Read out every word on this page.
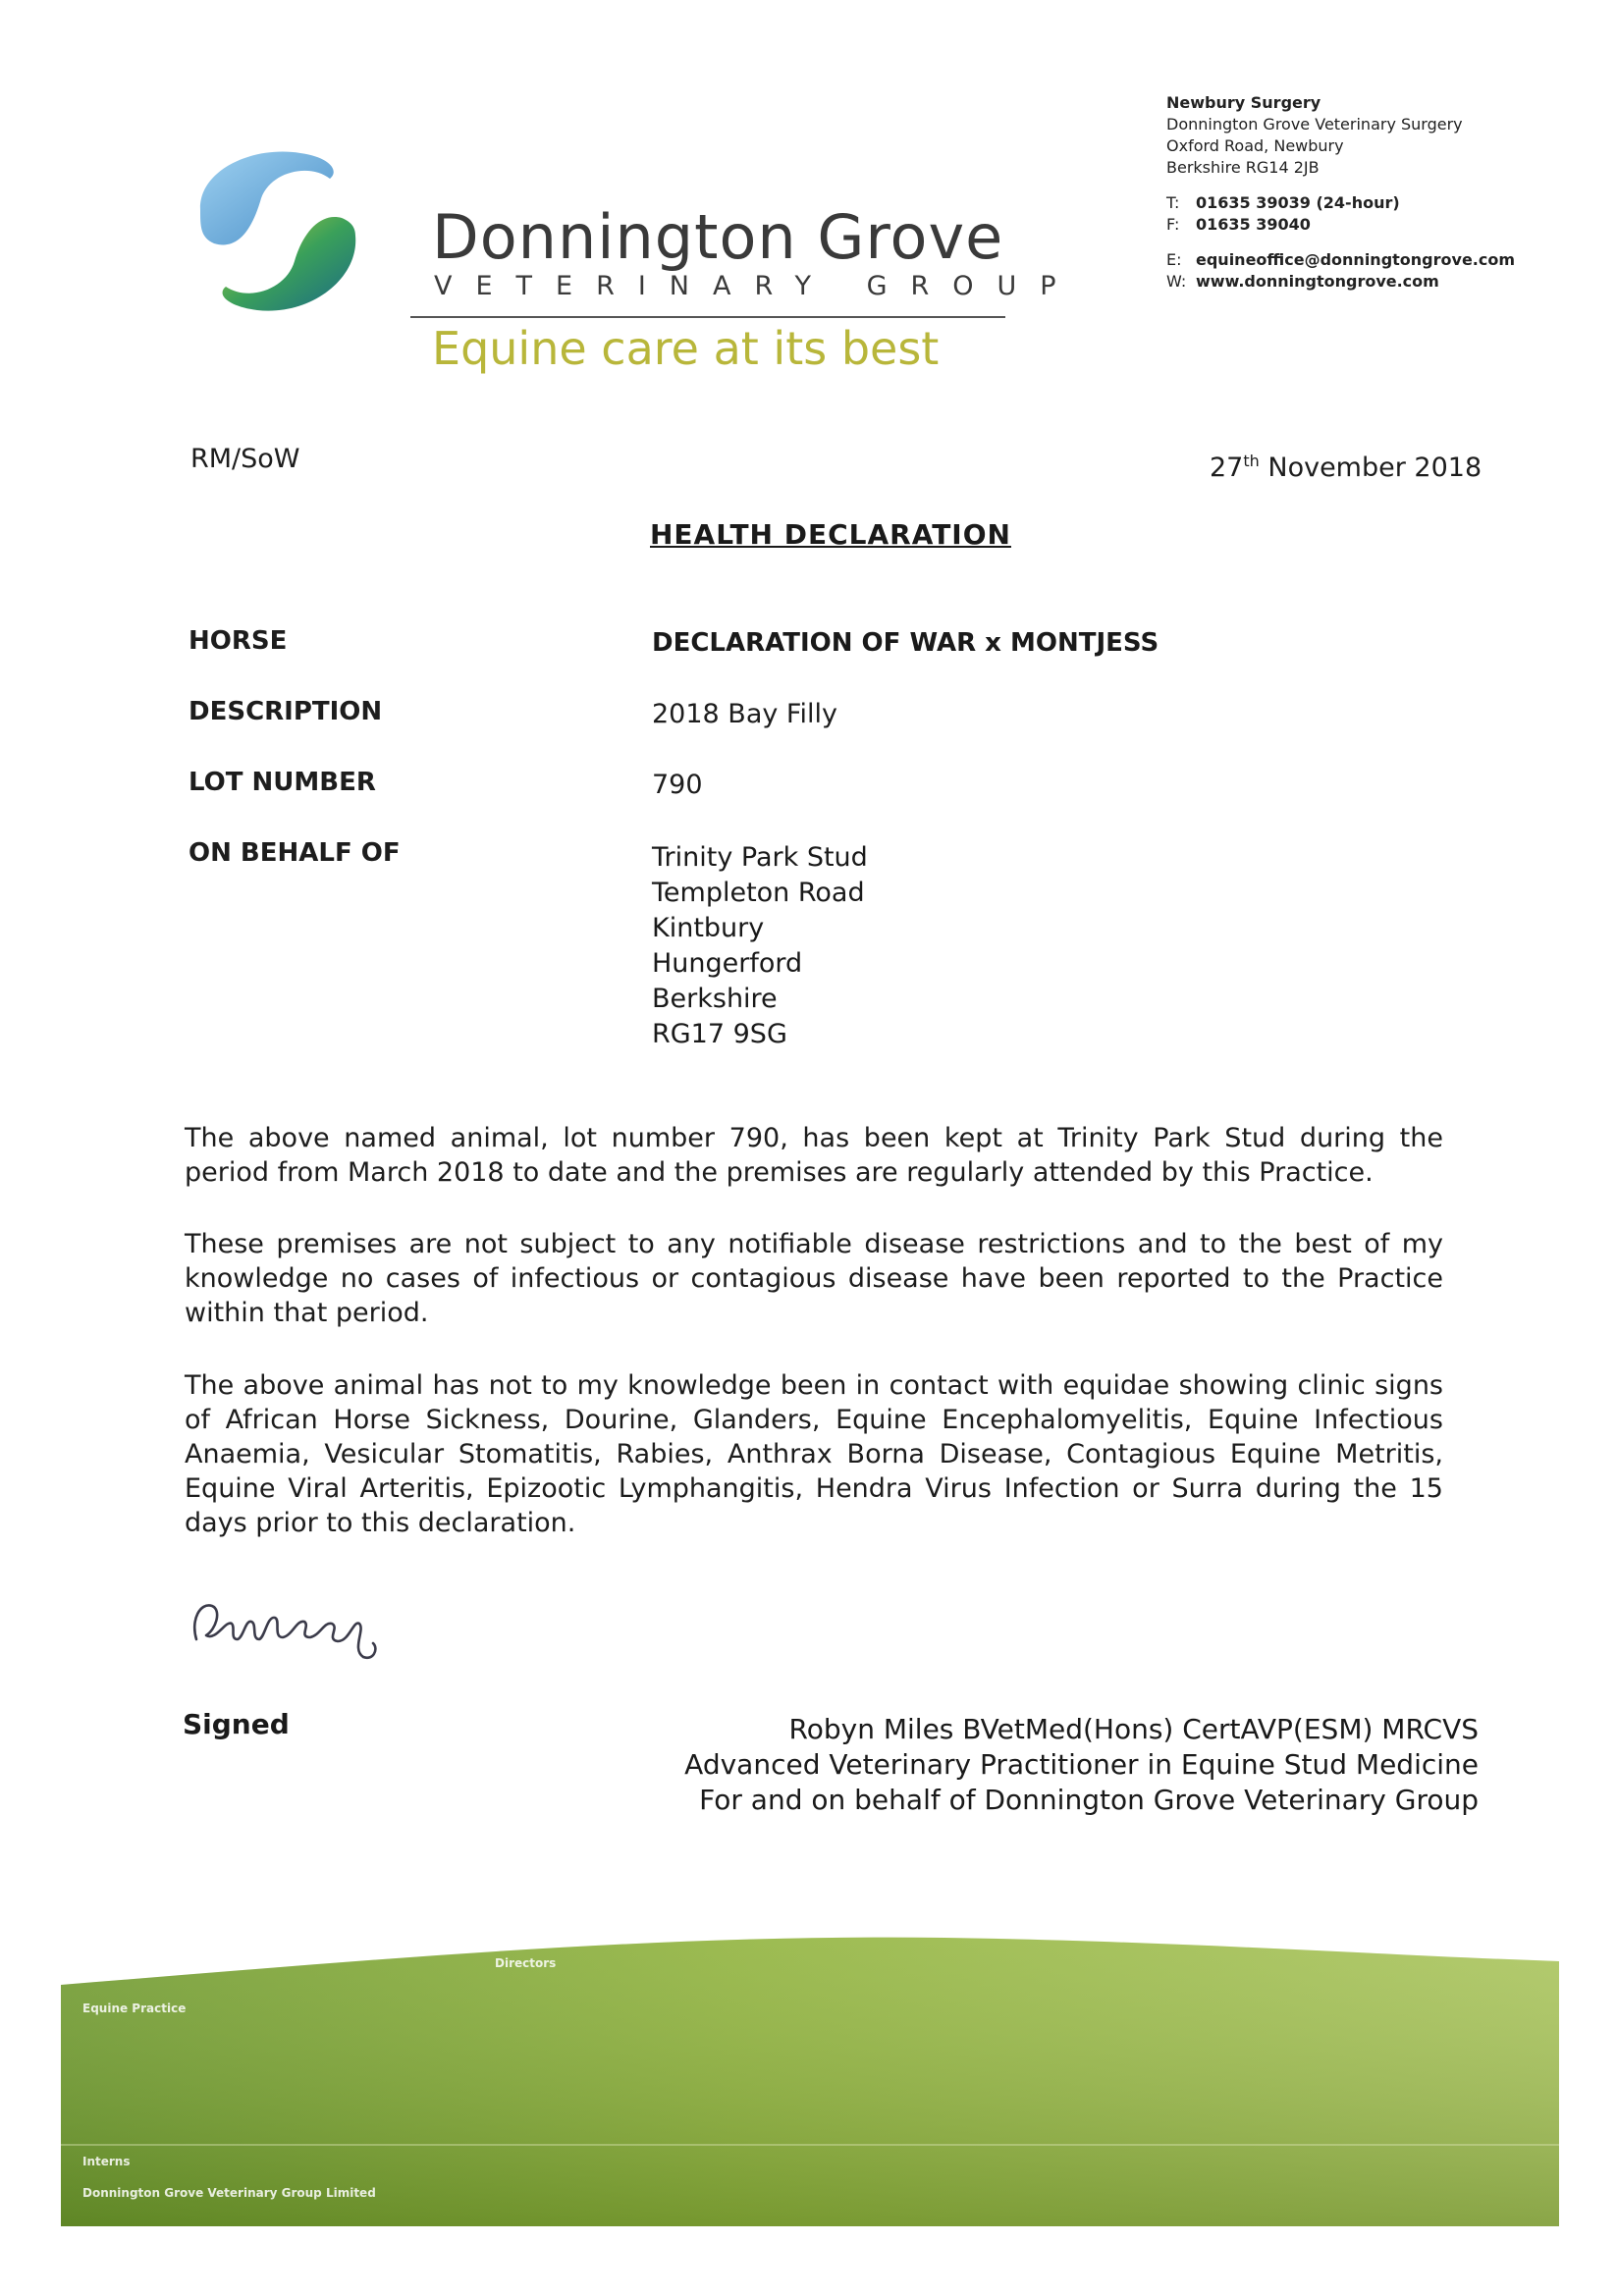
Donnington Grove
VETERINARY GROUP
Equine care at its best
Newbury Surgery
Donnington Grove Veterinary Surgery
Oxford Road, Newbury
Berkshire RG14 2JB
T: 01635 39039 (24-hour)
F: 01635 39040
E: equineoffice@donningtongrove.com
W: www.donningtongrove.com
RM/SoW	27th November 2018
HEALTH DECLARATION
HORSE	DECLARATION OF WAR x MONTJESS
DESCRIPTION	2018 Bay Filly
LOT NUMBER	790
ON BEHALF OF	Trinity Park Stud
Templeton Road
Kintbury
Hungerford
Berkshire
RG17 9SG
The above named animal, lot number 790, has been kept at Trinity Park Stud during the period from March 2018 to date and the premises are regularly attended by this Practice.
These premises are not subject to any notifiable disease restrictions and to the best of my knowledge no cases of infectious or contagious disease have been reported to the Practice within that period.
The above animal has not to my knowledge been in contact with equidae showing clinic signs of African Horse Sickness, Dourine, Glanders, Equine Encephalomyelitis, Equine Infectious Anaemia, Vesicular Stomatitis, Rabies, Anthrax Borna Disease, Contagious Equine Metritis, Equine Viral Arteritis, Epizootic Lymphangitis, Hendra Virus Infection or Surra during the 15 days prior to this declaration.
Signed	Robyn Miles BVetMed(Hons) CertAVP(ESM) MRCVS
Advanced Veterinary Practitioner in Equine Stud Medicine
For and on behalf of Donnington Grove Veterinary Group
Equine Practice
Directors
Interns
Donnington Grove Veterinary Group Limited
